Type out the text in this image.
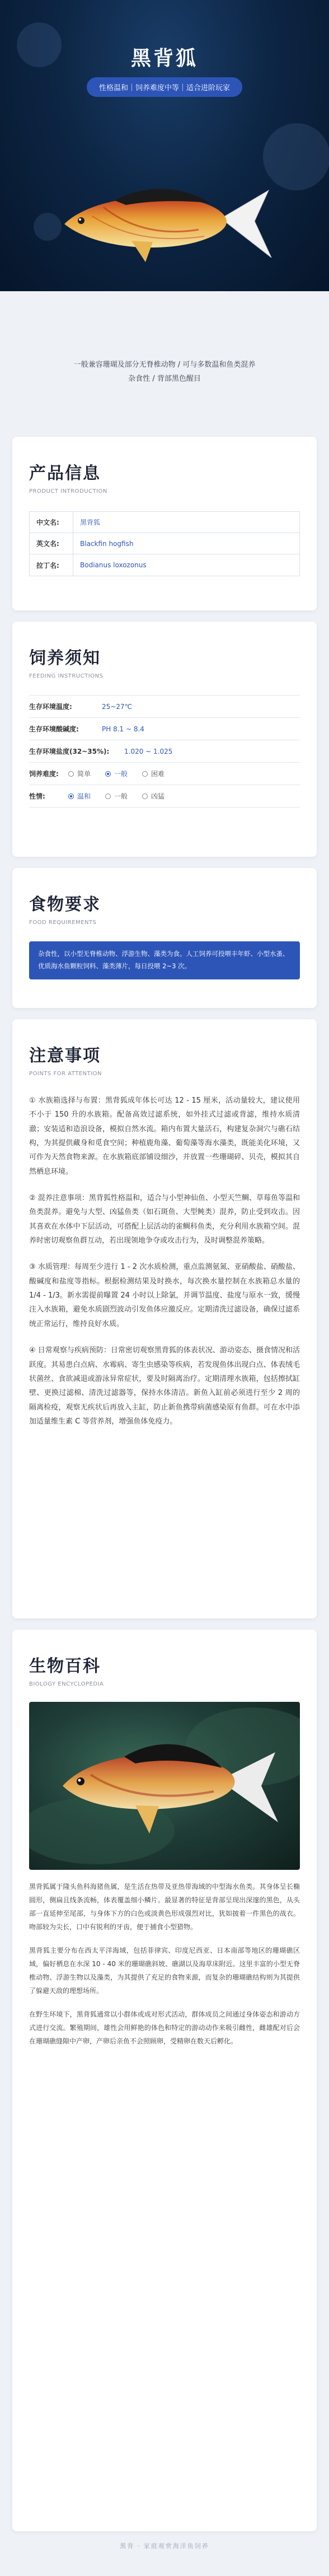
黑背狐
性格温和｜饲养难度中等｜适合进阶玩家

一般兼容珊瑚及部分无脊椎动物 / 可与多数温和鱼类混养
杂食性 / 背部黑色醒目

产品信息
PRODUCT INTRODUCTION
中文名:	黑背狐
英文名:	Blackfin hogfish
拉丁名:	Bodianus loxozonus
饲养须知
FEEDING INSTRUCTIONS
生存环境温度:	25~27℃
生存环境酸碱度:	PH 8.1 ~ 8.4
生存环境盐度(32~35%):	1.020 ~ 1.025
饲养难度:	简单	一般	困难
性情:	温和	一般	凶猛
食物要求
FOOD REQUIREMENTS
杂食性，以小型无脊椎动物、浮游生物、藻类为食。人工饲养可投喂丰年虾、小型水蚤、优质海水鱼颗粒饲料、藻类薄片，每日投喂 2~3 次。
注意事项
POINTS FOR ATTENTION

① 水族箱选择与布置：黑背狐成年体长可达 12 - 15 厘米，活动量较大，建议使用不小于 150 升的水族箱。配备高效过滤系统，如外挂式过滤或背滤，维持水质清澈；安装适和造浪设备，模拟自然水流。箱内布置大量活石，构建复杂洞穴与礁石结构，为其提供藏身和觅食空间；种植鹿角藻、葡萄藻等海水藻类，既能美化环境，又可作为天然食物来源。在水族箱底部铺设细沙，并放置一些珊瑚碎、贝壳，模拟其自然栖息环境。

② 混养注意事项：黑背狐性格温和，适合与小型神仙鱼、小型天竺鲷、草莓鱼等温和鱼类混养。避免与大型、凶猛鱼类（如石斑鱼、大型鲀类）混养，防止受到攻击。因其喜欢在水体中下层活动，可搭配上层活动的雀鲷科鱼类，充分利用水族箱空间。混养时密切观察鱼群互动，若出现领地争夺或攻击行为，及时调整混养策略。

③ 水质管理：每周至少进行 1 - 2 次水质检测，重点监测氨氮、亚硝酸盐、硝酸盐、酸碱度和盐度等指标。根据检测结果及时换水，每次换水量控制在水族箱总水量的 1/4 - 1/3。新水需提前曝置 24 小时以上除氯，并调节温度、盐度与原水一致，缓慢注入水族箱，避免水质剧烈波动引发鱼体应激反应。定期清洗过滤设备，确保过滤系统正常运行，维持良好水质。

④ 日常观察与疾病预防：日常密切观察黑背狐的体表状况、游动姿态、摄食情况和活跃度。其易患白点病、水霉病、寄生虫感染等疾病，若发现鱼体出现白点、体表绒毛状菌丝、食欲减退或游泳异常症状，要及时隔离治疗。定期清理水族箱，包括擦拭缸壁、更换过滤棉、清洗过滤器等，保持水体清洁。新鱼入缸前必须进行至少 2 周的隔离检疫，观察无疾状后再放入主缸，防止新鱼携带病菌感染原有鱼群。可在水中添加适量维生素 C 等营养剂，增强鱼体免疫力。

生物百科
BIOLOGY ENCYCLOPEDIA

黑背狐属于隆头鱼科海猪鱼属，是生活在热带及亚热带海域的中型海水鱼类。其身体呈长椭圆形，侧扁且线条流畅，体表覆盖细小鳞片。最显著的特征是背部呈现出深邃的黑色，从头部一直延伸至尾部，与身体下方的白色或淡黄色形成强烈对比，犹如披着一件黑色的战衣。吻部较为尖长，口中有锐利的牙齿，便于捕食小型猎物。

黑背狐主要分布在西太平洋海域，包括菲律宾、印度尼西亚、日本南部等地区的珊瑚礁区域，偏好栖息在水深 10 - 40 米的珊瑚礁斜坡、礁湖以及海草床附近。这里丰富的小型无脊椎动物、浮游生物以及藻类，为其提供了充足的食物来源，而复杂的珊瑚礁结构则为其提供了躲避天敌的理想场所。

在野生环境下，黑背狐通常以小群体或成对形式活动，群体成员之间通过身体姿态和游动方式进行交流。繁殖期间，雄性会用鲜艳的体色和特定的游动动作来吸引雌性，雌雄配对后会在珊瑚礁缝隙中产卵，产卵后亲鱼不会照顾卵，受精卵在数天后孵化。

黑背 · 家庭观赏海洋鱼饲养
